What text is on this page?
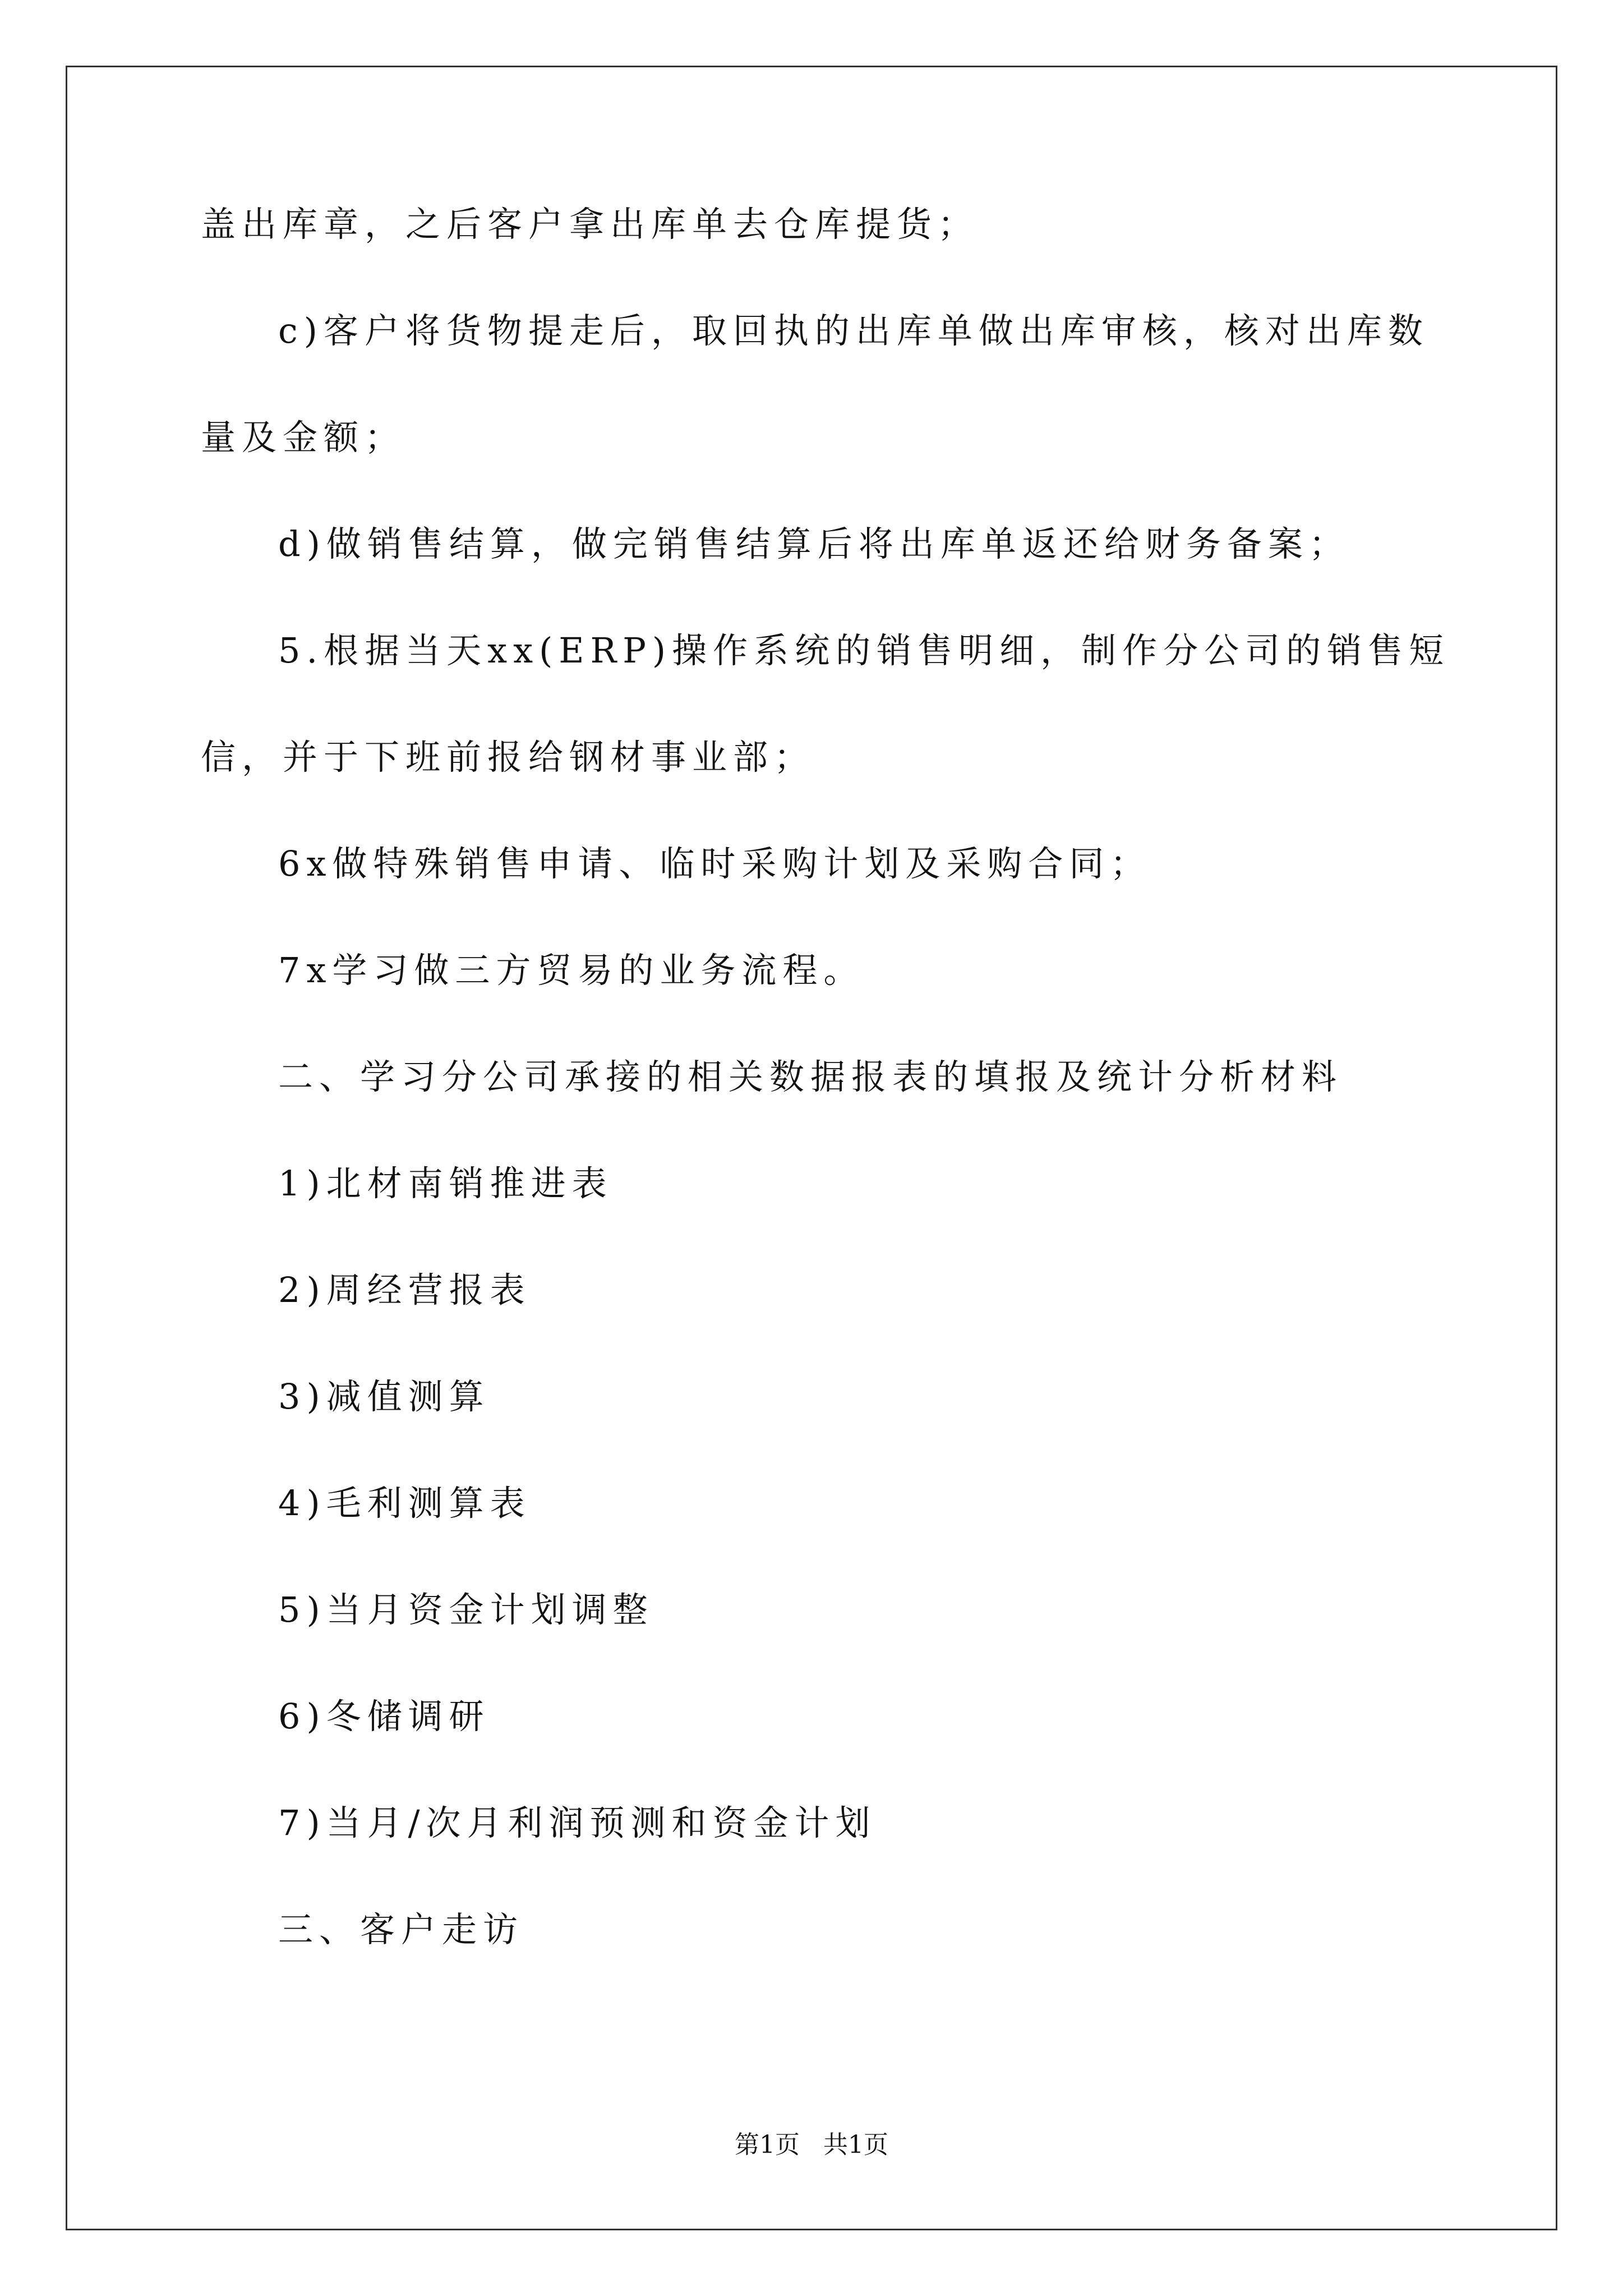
盖出库章，之后客户拿出库单去仓库提货；
c)客户将货物提走后，取回执的出库单做出库审核，核对出库数
量及金额；
d)做销售结算，做完销售结算后将出库单返还给财务备案；
5.根据当天xx(ERP)操作系统的销售明细，制作分公司的销售短
信，并于下班前报给钢材事业部；
6x做特殊销售申请、临时采购计划及采购合同；
7x学习做三方贸易的业务流程。
二、学习分公司承接的相关数据报表的填报及统计分析材料
1)北材南销推进表
2)周经营报表
3)减值测算
4)毛利测算表
5)当月资金计划调整
6)冬储调研
7)当月/次月利润预测和资金计划
三、客户走访
第1页   共1页
